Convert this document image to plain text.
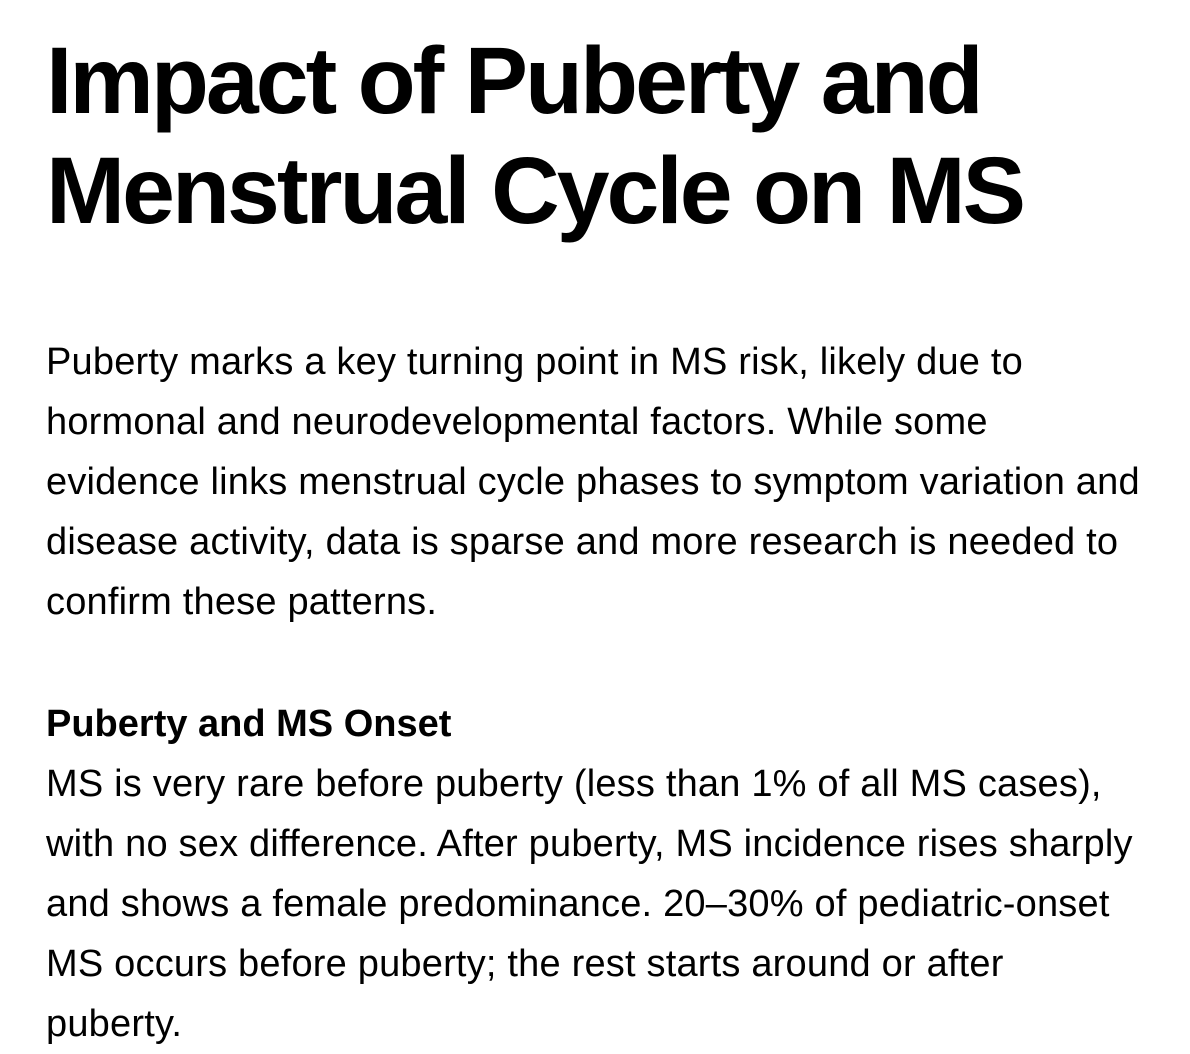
Impact of Puberty and
Menstrual Cycle on MS

Puberty marks a key turning point in MS risk, likely due to hormonal and neurodevelopmental factors. While some evidence links menstrual cycle phases to symptom variation and disease activity, data is sparse and more research is needed to confirm these patterns.

Puberty and MS Onset

MS is very rare before puberty (less than 1% of all MS cases), with no sex difference. After puberty, MS incidence rises sharply and shows a female predominance. 20–30% of pediatric-onset MS occurs before puberty; the rest starts around or after puberty.
